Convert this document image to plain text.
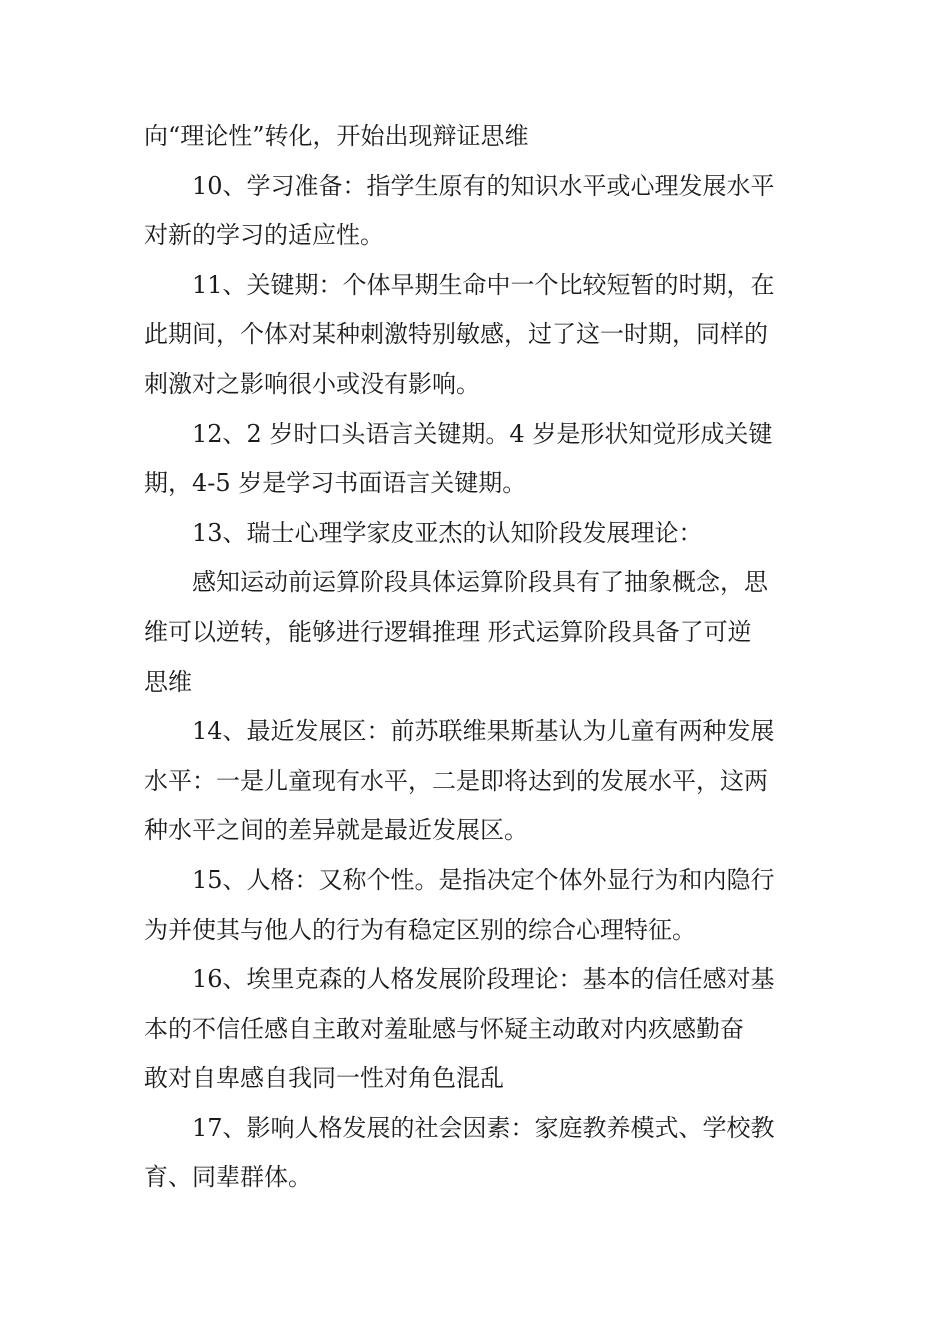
向“理论性”转化，开始出现辩证思维
10、学习准备：指学生原有的知识水平或心理发展水平
对新的学习的适应性。
11、关键期：个体早期生命中一个比较短暂的时期，在
此期间，个体对某种刺激特别敏感，过了这一时期，同样的
刺激对之影响很小或没有影响。
12、2 岁时口头语言关键期。4 岁是形状知觉形成关键
期，4-5 岁是学习书面语言关键期。
13、瑞士心理学家皮亚杰的认知阶段发展理论：
感知运动前运算阶段具体运算阶段具有了抽象概念，思
维可以逆转，能够进行逻辑推理 形式运算阶段具备了可逆
思维
14、最近发展区：前苏联维果斯基认为儿童有两种发展
水平：一是儿童现有水平，二是即将达到的发展水平，这两
种水平之间的差异就是最近发展区。
15、人格：又称个性。是指决定个体外显行为和内隐行
为并使其与他人的行为有稳定区别的综合心理特征。
16、埃里克森的人格发展阶段理论：基本的信任感对基
本的不信任感自主敢对羞耻感与怀疑主动敢对内疚感勤奋
敢对自卑感自我同一性对角色混乱
17、影响人格发展的社会因素：家庭教养模式、学校教
育、同辈群体。
